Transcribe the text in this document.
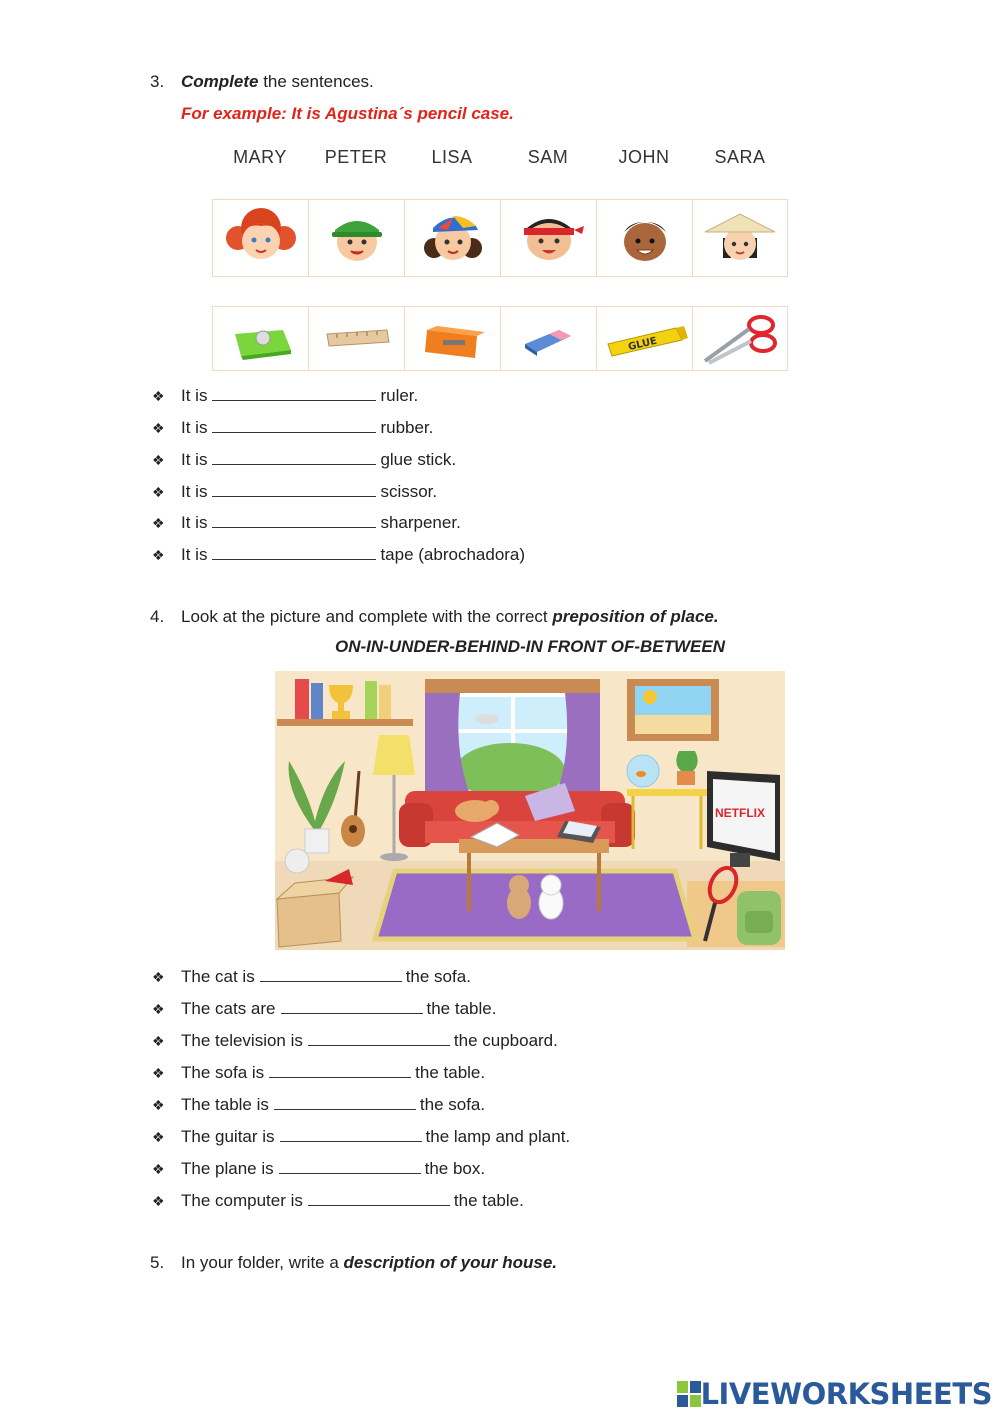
3. Complete the sentences.
For example: It is Agustina´s pencil case.
MARY	PETER	LISA	SAM	JOHN	SARA
GLUE
❖ It is	ruler.
❖ It is	rubber.
❖ It is	glue stick.
❖ It is	scissor.
❖ It is	sharpener.
❖ It is	tape (abrochadora)
4. Look at the picture and complete with the correct preposition of place.
ON-IN-UNDER-BEHIND-IN FRONT OF-BETWEEN
NETFLIX
❖ The cat is	the sofa.
❖ The cats are	the table.
❖ The television is	the cupboard.
❖ The sofa is	the table.
❖ The table is	the sofa.
❖ The guitar is	the lamp and plant.
❖ The plane is	the box.
❖ The computer is	the table.
5. In your folder, write a description of your house.
LIVEWORKSHEETS
